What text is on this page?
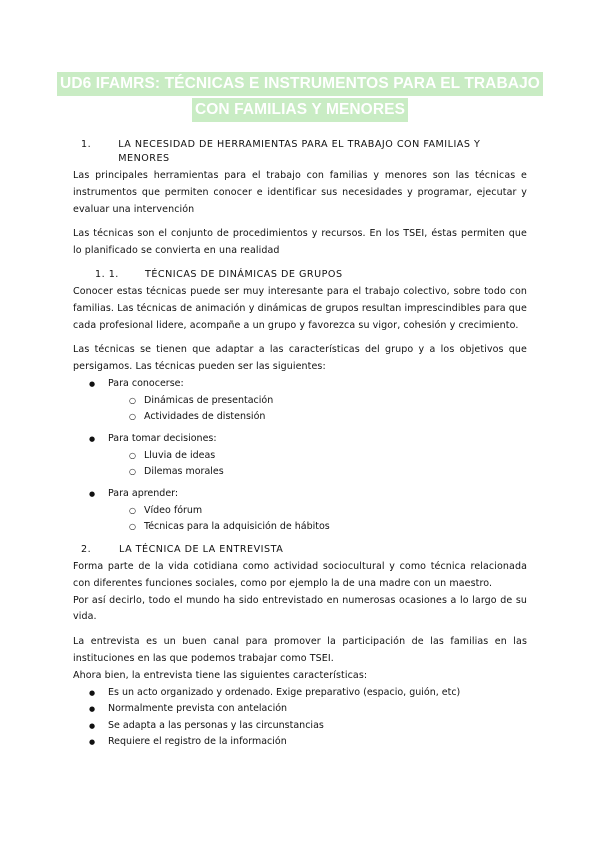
UD6 IFAMRS: TÉCNICAS E INSTRUMENTOS PARA EL TRABAJO
CON FAMILIAS Y MENORES
1.	LA NECESIDAD DE HERRAMIENTAS PARA EL TRABAJO CON FAMILIAS Y MENORES

Las principales herramientas para el trabajo con familias y menores son las técnicas e instrumentos que permiten conocer e identificar sus necesidades y programar, ejecutar y evaluar una intervención

Las técnicas son el conjunto de procedimientos y recursos. En los TSEI, éstas permiten que lo planificado se convierta en una realidad

1. 1.	TÉCNICAS DE DINÁMICAS DE GRUPOS

Conocer estas técnicas puede ser muy interesante para el trabajo colectivo, sobre todo con familias. Las técnicas de animación y dinámicas de grupos resultan imprescindibles para que cada profesional lidere, acompañe a un grupo y favorezca su vigor, cohesión y crecimiento.

Las técnicas se tienen que adaptar a las características del grupo y a los objetivos que persigamos. Las técnicas pueden ser las siguientes:

● Para conocerse:
○ Dinámicas de presentación
○ Actividades de distensión
● Para tomar decisiones:
○ Lluvia de ideas
○ Dilemas morales
● Para aprender:
○ Vídeo fórum
○ Técnicas para la adquisición de hábitos
2.	LA TÉCNICA DE LA ENTREVISTA

Forma parte de la vida cotidiana como actividad sociocultural y como técnica relacionada con diferentes funciones sociales, como por ejemplo la de una madre con un maestro.

Por así decirlo, todo el mundo ha sido entrevistado en numerosas ocasiones a lo largo de su vida.

La entrevista es un buen canal para promover la participación de las familias en las instituciones en las que podemos trabajar como TSEI.

Ahora bien, la entrevista tiene las siguientes características:

● Es un acto organizado y ordenado. Exige preparativo (espacio, guión, etc)
● Normalmente prevista con antelación
● Se adapta a las personas y las circunstancias
● Requiere el registro de la información
